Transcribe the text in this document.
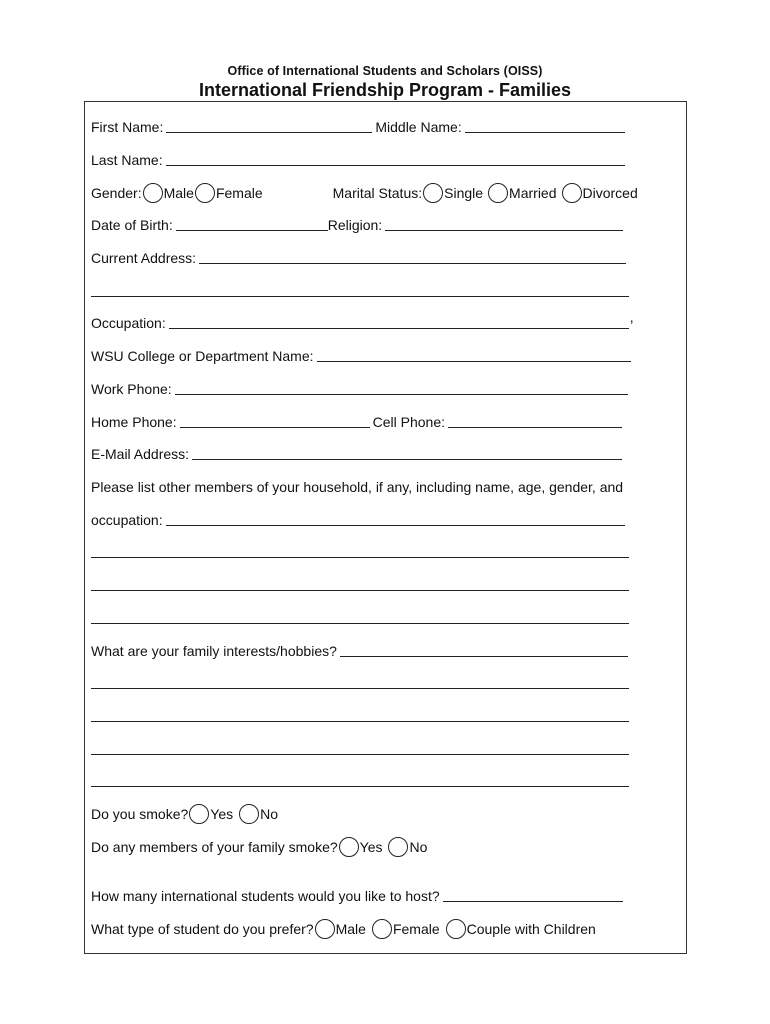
Office of International Students and Scholars (OISS)
International Friendship Program - Families
First Name:	Middle Name:
Last Name:
Gender: Male Female	Marital Status: Single Married Divorced
Date of Birth:	Religion:
Current Address:
Occupation:	,
WSU College or Department Name:
Work Phone:
Home Phone:	Cell Phone:
E-Mail Address:
Please list other members of your household, if any, including name, age, gender, and
occupation:
What are your family interests/hobbies?
Do you smoke? Yes No
Do any members of your family smoke? Yes No
How many international students would you like to host?
What type of student do you prefer? Male Female Couple with Children
